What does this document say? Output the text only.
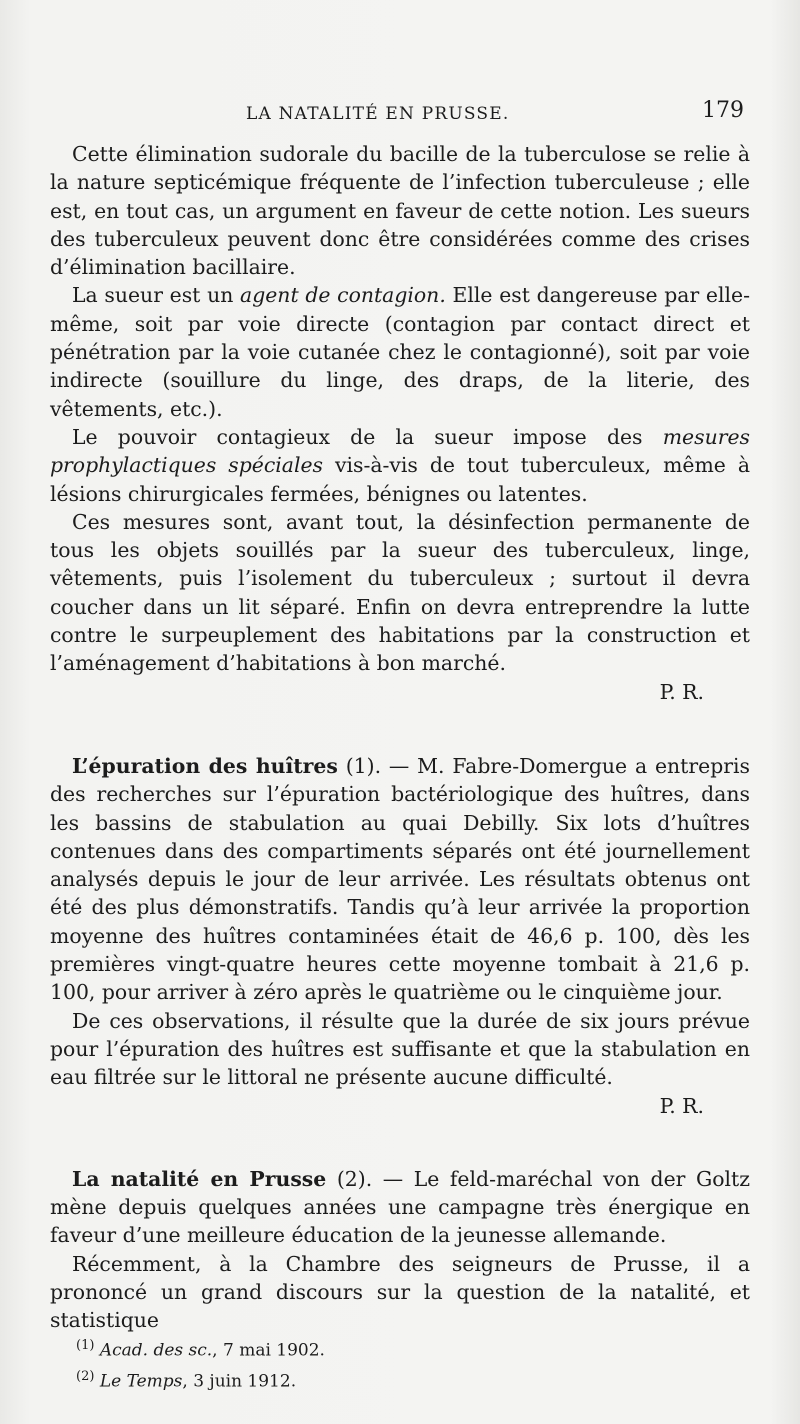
LA NATALITÉ EN PRUSSE.	179

Cette élimination sudorale du bacille de la tuberculose se relie à la nature septicémique fréquente de l’infection tuberculeuse ; elle est, en tout cas, un argument en faveur de cette notion. Les sueurs des tuberculeux peuvent donc être considérées comme des crises d’élimination bacillaire.

La sueur est un agent de contagion. Elle est dangereuse par elle-même, soit par voie directe (contagion par contact direct et pénétration par la voie cutanée chez le contagionné), soit par voie indirecte (souillure du linge, des draps, de la literie, des vêtements, etc.).

Le pouvoir contagieux de la sueur impose des mesures prophylactiques spéciales vis-à-vis de tout tuberculeux, même à lésions chirurgicales fermées, bénignes ou latentes.

Ces mesures sont, avant tout, la désinfection permanente de tous les objets souillés par la sueur des tuberculeux, linge, vêtements, puis l’isolement du tuberculeux ; surtout il devra coucher dans un lit séparé. Enfin on devra entreprendre la lutte contre le surpeuplement des habitations par la construction et l’aménagement d’habitations à bon marché.

P. R.

L’épuration des huîtres (1). — M. Fabre-Domergue a entrepris des recherches sur l’épuration bactériologique des huîtres, dans les bassins de stabulation au quai Debilly. Six lots d’huîtres contenues dans des compartiments séparés ont été journellement analysés depuis le jour de leur arrivée. Les résultats obtenus ont été des plus démonstratifs. Tandis qu’à leur arrivée la proportion moyenne des huîtres contaminées était de 46,6 p. 100, dès les premières vingt-quatre heures cette moyenne tombait à 21,6 p. 100, pour arriver à zéro après le quatrième ou le cinquième jour.

De ces observations, il résulte que la durée de six jours prévue pour l’épuration des huîtres est suffisante et que la stabulation en eau filtrée sur le littoral ne présente aucune difficulté.

P. R.

La natalité en Prusse (2). — Le feld-maréchal von der Goltz mène depuis quelques années une campagne très énergique en faveur d’une meilleure éducation de la jeunesse allemande.

Récemment, à la Chambre des seigneurs de Prusse, il a prononcé un grand discours sur la question de la natalité, et statistique

$^{(1)}$ Acad. des sc., 7 mai 1902.
$^{(2)}$ Le Temps, 3 juin 1912.
